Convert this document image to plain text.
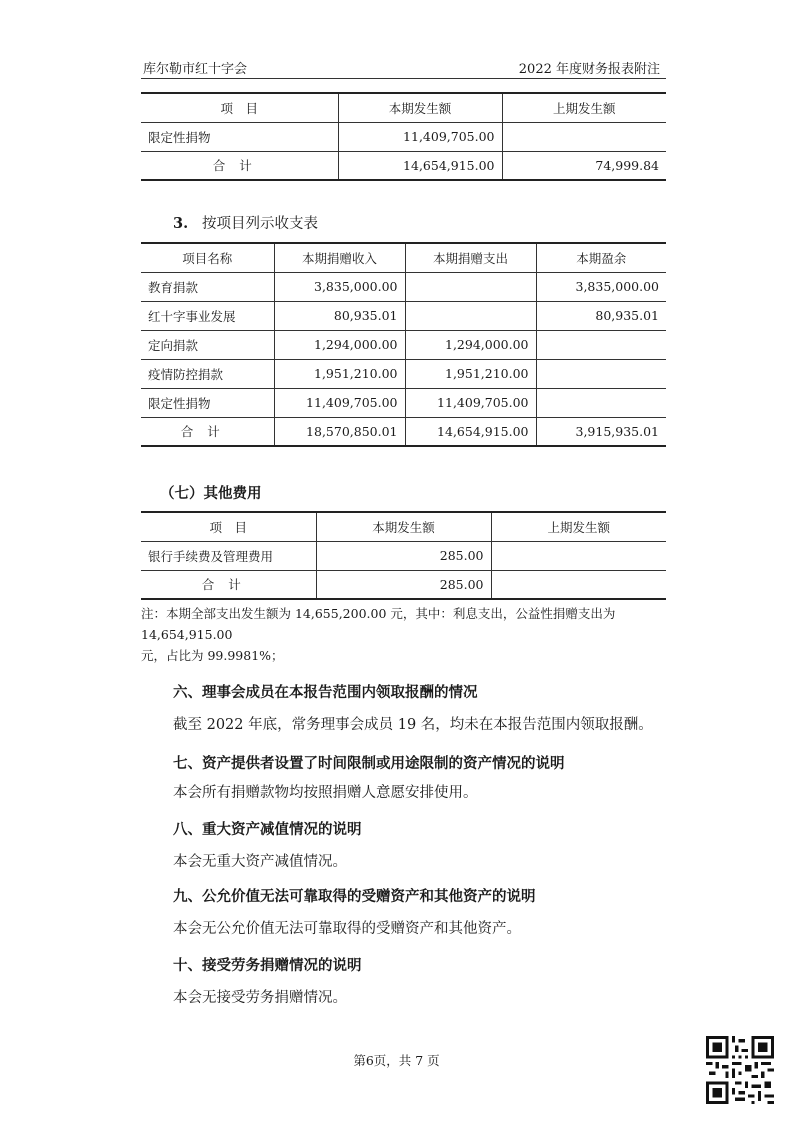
库尔勒市红十字会	2022 年度财务报表附注
项　目	本期发生额	上期发生额
限定性捐物	11,409,705.00	
合计	14,654,915.00	74,999.84
3. 按项目列示收支表
项目名称	本期捐赠收入	本期捐赠支出	本期盈余
教育捐款	3,835,000.00		3,835,000.00
红十字事业发展	80,935.01		80,935.01
定向捐款	1,294,000.00	1,294,000.00	
疫情防控捐款	1,951,210.00	1,951,210.00	
限定性捐物	11,409,705.00	11,409,705.00	
合计	18,570,850.01	14,654,915.00	3,915,935.01
（七）其他费用
项　目	本期发生额	上期发生额
银行手续费及管理费用	285.00	
合计	285.00	
注：本期全部支出发生额为 14,655,200.00 元，其中：利息支出，公益性捐赠支出为 14,654,915.00
元，占比为 99.9981%；
六、理事会成员在本报告范围内领取报酬的情况
截至 2022 年底，常务理事会成员 19 名，均未在本报告范围内领取报酬。
七、资产提供者设置了时间限制或用途限制的资产情况的说明
本会所有捐赠款物均按照捐赠人意愿安排使用。
八、重大资产减值情况的说明
本会无重大资产减值情况。
九、公允价值无法可靠取得的受赠资产和其他资产的说明
本会无公允价值无法可靠取得的受赠资产和其他资产。
十、接受劳务捐赠情况的说明
本会无接受劳务捐赠情况。
第6页，共 7 页
